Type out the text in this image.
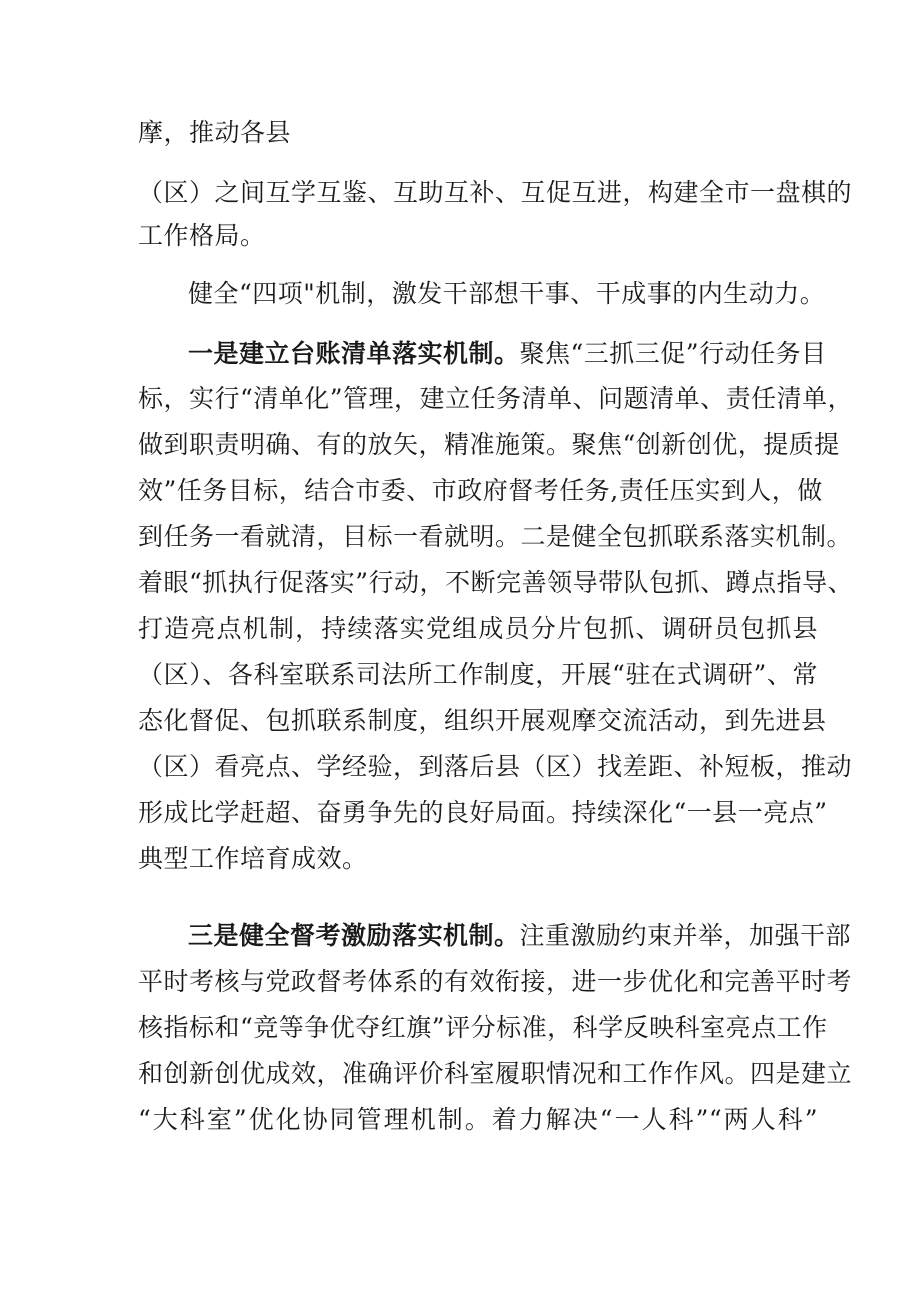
摩，推动各县
（区）之间互学互鉴、互助互补、互促互进，构建全市一盘棋的
工作格局。
健全“四项"机制，激发干部想干事、干成事的内生动力。
一是建立台账清单落实机制。聚焦“三抓三促”行动任务目
标，实行“清单化”管理，建立任务清单、问题清单、责任清单，
做到职责明确、有的放矢，精准施策。聚焦“创新创优，提质提
效”任务目标，结合市委、市政府督考任务,责任压实到人，做
到任务一看就清，目标一看就明。二是健全包抓联系落实机制。
着眼“抓执行促落实”行动，不断完善领导带队包抓、蹲点指导、
打造亮点机制，持续落实党组成员分片包抓、调研员包抓县
（区）、各科室联系司法所工作制度，开展“驻在式调研”、常
态化督促、包抓联系制度，组织开展观摩交流活动，到先进县
（区）看亮点、学经验，到落后县（区）找差距、补短板，推动
形成比学赶超、奋勇争先的良好局面。持续深化“一县一亮点”
典型工作培育成效。
三是健全督考激励落实机制。注重激励约束并举，加强干部
平时考核与党政督考体系的有效衔接，进一步优化和完善平时考
核指标和“竞等争优夺红旗”评分标准，科学反映科室亮点工作
和创新创优成效，准确评价科室履职情况和工作作风。四是建立
“大科室”优化协同管理机制。着力解决“一人科”“两人科”
